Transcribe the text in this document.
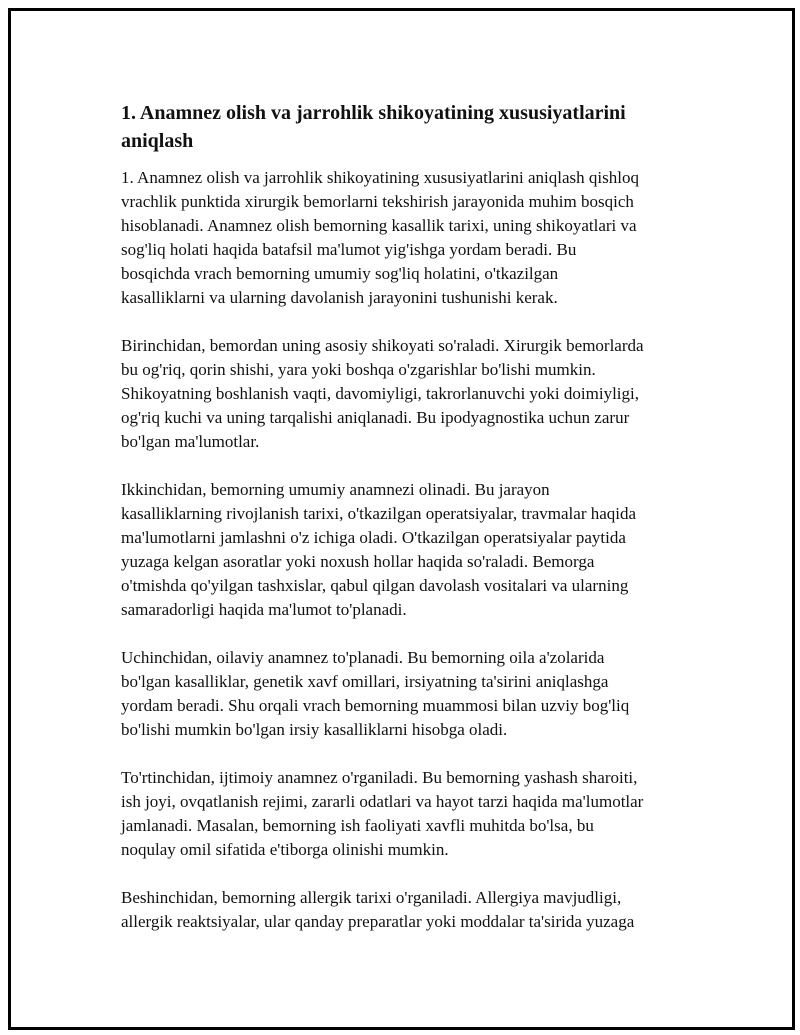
1. Anamnez olish va jarrohlik shikoyatining xususiyatlarini aniqlash

1. Anamnez olish va jarrohlik shikoyatining xususiyatlarini aniqlash qishloq
vrachlik punktida xirurgik bemorlarni tekshirish jarayonida muhim bosqich
hisoblanadi. Anamnez olish bemorning kasallik tarixi, uning shikoyatlari va
sog'liq holati haqida batafsil ma'lumot yig'ishga yordam beradi. Bu
bosqichda vrach bemorning umumiy sog'liq holatini, o'tkazilgan
kasalliklarni va ularning davolanish jarayonini tushunishi kerak.

Birinchidan, bemordan uning asosiy shikoyati so'raladi. Xirurgik bemorlarda
bu og'riq, qorin shishi, yara yoki boshqa o'zgarishlar bo'lishi mumkin.
Shikoyatning boshlanish vaqti, davomiyligi, takrorlanuvchi yoki doimiyligi,
og'riq kuchi va uning tarqalishi aniqlanadi. Bu ipodyagnostika uchun zarur
bo'lgan ma'lumotlar.

Ikkinchidan, bemorning umumiy anamnezi olinadi. Bu jarayon
kasalliklarning rivojlanish tarixi, o'tkazilgan operatsiyalar, travmalar haqida
ma'lumotlarni jamlashni o'z ichiga oladi. O'tkazilgan operatsiyalar paytida
yuzaga kelgan asoratlar yoki noxush hollar haqida so'raladi. Bemorga
o'tmishda qo'yilgan tashxislar, qabul qilgan davolash vositalari va ularning
samaradorligi haqida ma'lumot to'planadi.

Uchinchidan, oilaviy anamnez to'planadi. Bu bemorning oila a'zolarida
bo'lgan kasalliklar, genetik xavf omillari, irsiyatning ta'sirini aniqlashga
yordam beradi. Shu orqali vrach bemorning muammosi bilan uzviy bog'liq
bo'lishi mumkin bo'lgan irsiy kasalliklarni hisobga oladi.

To'rtinchidan, ijtimoiy anamnez o'rganiladi. Bu bemorning yashash sharoiti,
ish joyi, ovqatlanish rejimi, zararli odatlari va hayot tarzi haqida ma'lumotlar
jamlanadi. Masalan, bemorning ish faoliyati xavfli muhitda bo'lsa, bu
noqulay omil sifatida e'tiborga olinishi mumkin.

Beshinchidan, bemorning allergik tarixi o'rganiladi. Allergiya mavjudligi,
allergik reaktsiyalar, ular qanday preparatlar yoki moddalar ta'sirida yuzaga
